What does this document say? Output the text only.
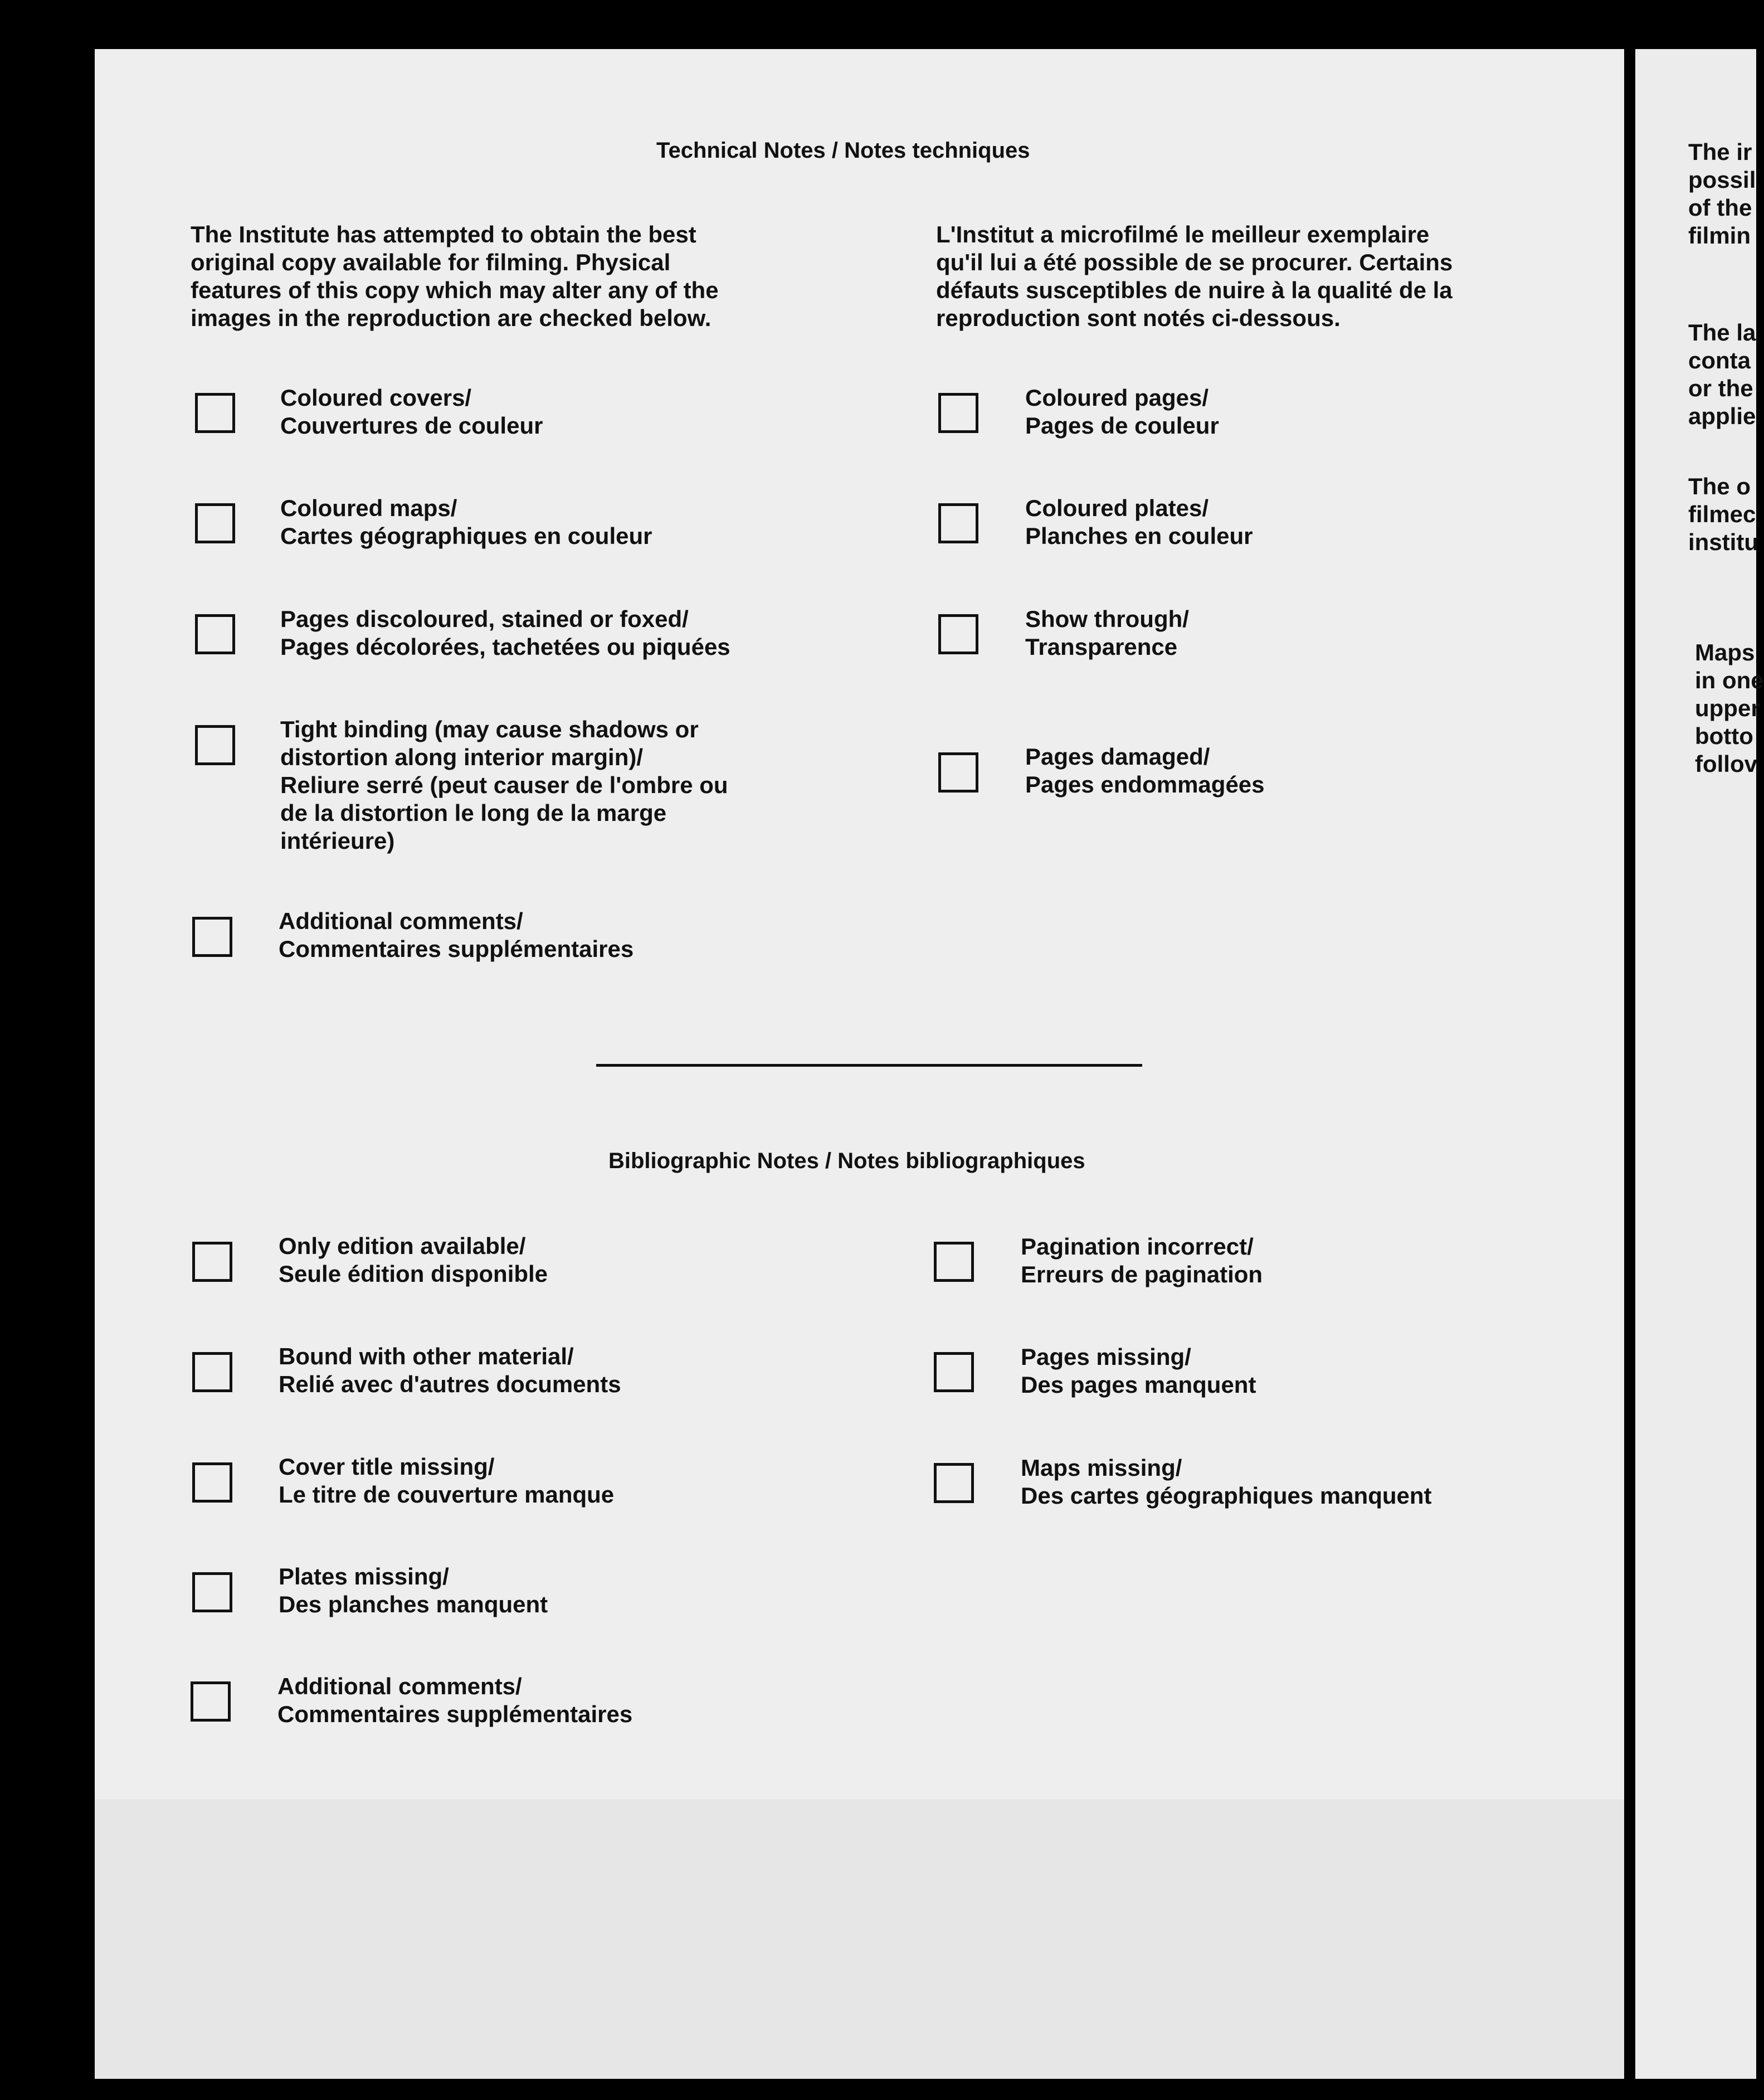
Technical Notes / Notes techniques
The Institute has attempted to obtain the best
original copy available for filming. Physical
features of this copy which may alter any of the
images in the reproduction are checked below.
L'Institut a microfilmé le meilleur exemplaire
qu'il lui a été possible de se procurer. Certains
défauts susceptibles de nuire à la qualité de la
reproduction sont notés ci-dessous.
Coloured covers/
Couvertures de couleur
Coloured maps/
Cartes géographiques en couleur
Pages discoloured, stained or foxed/
Pages décolorées, tachetées ou piquées
Tight binding (may cause shadows or
distortion along interior margin)/
Reliure serré (peut causer de l'ombre ou
de la distortion le long de la marge
intérieure)
Additional comments/
Commentaires supplémentaires
Coloured pages/
Pages de couleur
Coloured plates/
Planches en couleur
Show through/
Transparence
Pages damaged/
Pages endommagées
Bibliographic Notes / Notes bibliographiques
Only edition available/
Seule édition disponible
Bound with other material/
Relié avec d'autres documents
Cover title missing/
Le titre de couverture manque
Plates missing/
Des planches manquent
Additional comments/
Commentaires supplémentaires
Pagination incorrect/
Erreurs de pagination
Pages missing/
Des pages manquent
Maps missing/
Des cartes géographiques manquent
The ir
possil
of the
filmin
The la
conta
or the
applie
The o
filmec
institu
Maps
in one
upper
botto
follov
